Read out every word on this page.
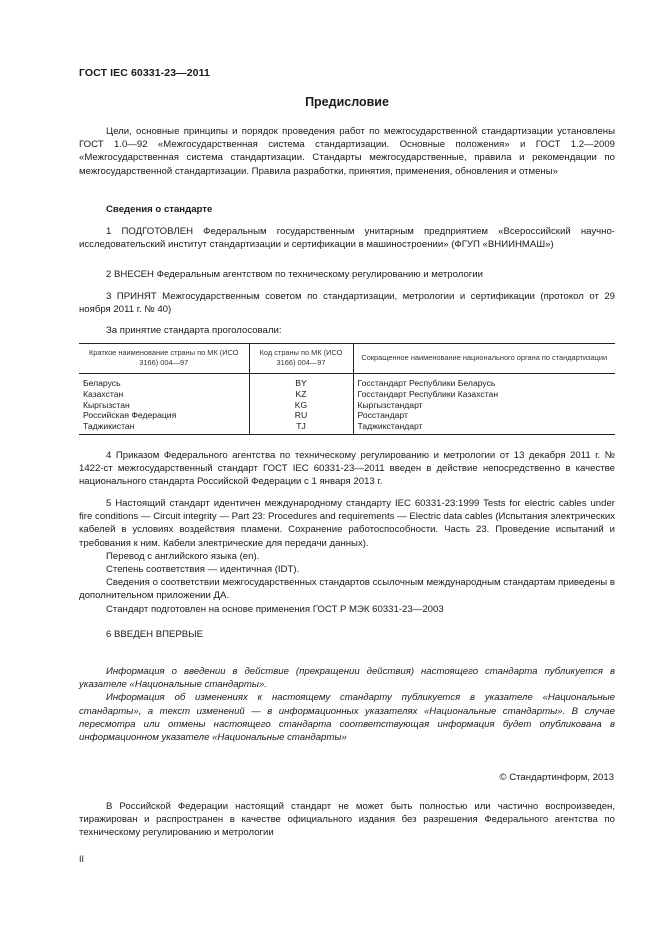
ГОСТ IEC 60331-23—2011
Предисловие
Цели, основные принципы и порядок проведения работ по межгосударственной стандартизации установлены ГОСТ 1.0—92 «Межгосударственная система стандартизации. Основные положения» и ГОСТ 1.2—2009 «Межгосударственная система стандартизации. Стандарты межгосударственные, правила и рекомендации по межгосударственной стандартизации. Правила разработки, принятия, применения, обновления и отмены»
Сведения о стандарте
1 ПОДГОТОВЛЕН Федеральным государственным унитарным предприятием «Всероссийский научно-исследовательский институт стандартизации и сертификации в машиностроении» (ФГУП «ВНИИНМАШ»)
2 ВНЕСЕН Федеральным агентством по техническому регулированию и метрологии
3 ПРИНЯТ Межгосударственным советом по стандартизации, метрологии и сертификации (протокол от 29 ноября 2011 г. № 40)
За принятие стандарта проголосовали:
Краткое наименование страны по МК (ИСО 3166) 004—97	Код страны по МК (ИСО 3166) 004—97	Сокращенное наименование национального органа по стандартизации
Беларусь	BY	Госстандарт Республики Беларусь
Казахстан	KZ	Госстандарт Республики Казахстан
Кыргызстан	KG	Кыргызстандарт
Российская Федерация	RU	Росстандарт
Таджикистан	TJ	Таджикстандарт
4 Приказом Федерального агентства по техническому регулированию и метрологии от 13 декабря 2011 г. № 1422-ст межгосударственный стандарт ГОСТ IEC 60331-23—2011 введен в действие непосредственно в качестве национального стандарта Российской Федерации с 1 января 2013 г.

5 Настоящий стандарт идентичен международному стандарту IEC 60331-23:1999 Tests for electric cables under fire conditions — Circuit integrity — Part 23: Procedures and requirements — Electric data cables (Испытания электрических кабелей в условиях воздействия пламени. Сохранение работоспособности. Часть 23. Проведение испытаний и требования к ним. Кабели электрические для передачи данных).

Перевод с английского языка (en).

Степень соответствия — идентичная (IDT).

Сведения о соответствии межгосударственных стандартов ссылочным международным стандартам приведены в дополнительном приложении ДА.

Стандарт подготовлен на основе применения ГОСТ Р МЭК 60331-23—2003

6 ВВЕДЕН ВПЕРВЫЕ

Информация о введении в действие (прекращении действия) настоящего стандарта публикуется в указателе «Национальные стандарты».

Информация об изменениях к настоящему стандарту публикуется в указателе «Национальные стандарты», а текст изменений — в информационных указателях «Национальные стандарты». В случае пересмотра или отмены настоящего стандарта соответствующая информация будет опубликована в информационном указателе «Национальные стандарты»

© Стандартинформ, 2013
В Российской Федерации настоящий стандарт не может быть полностью или частично воспроизведен, тиражирован и распространен в качестве официального издания без разрешения Федерального агентства по техническому регулированию и метрологии
II
